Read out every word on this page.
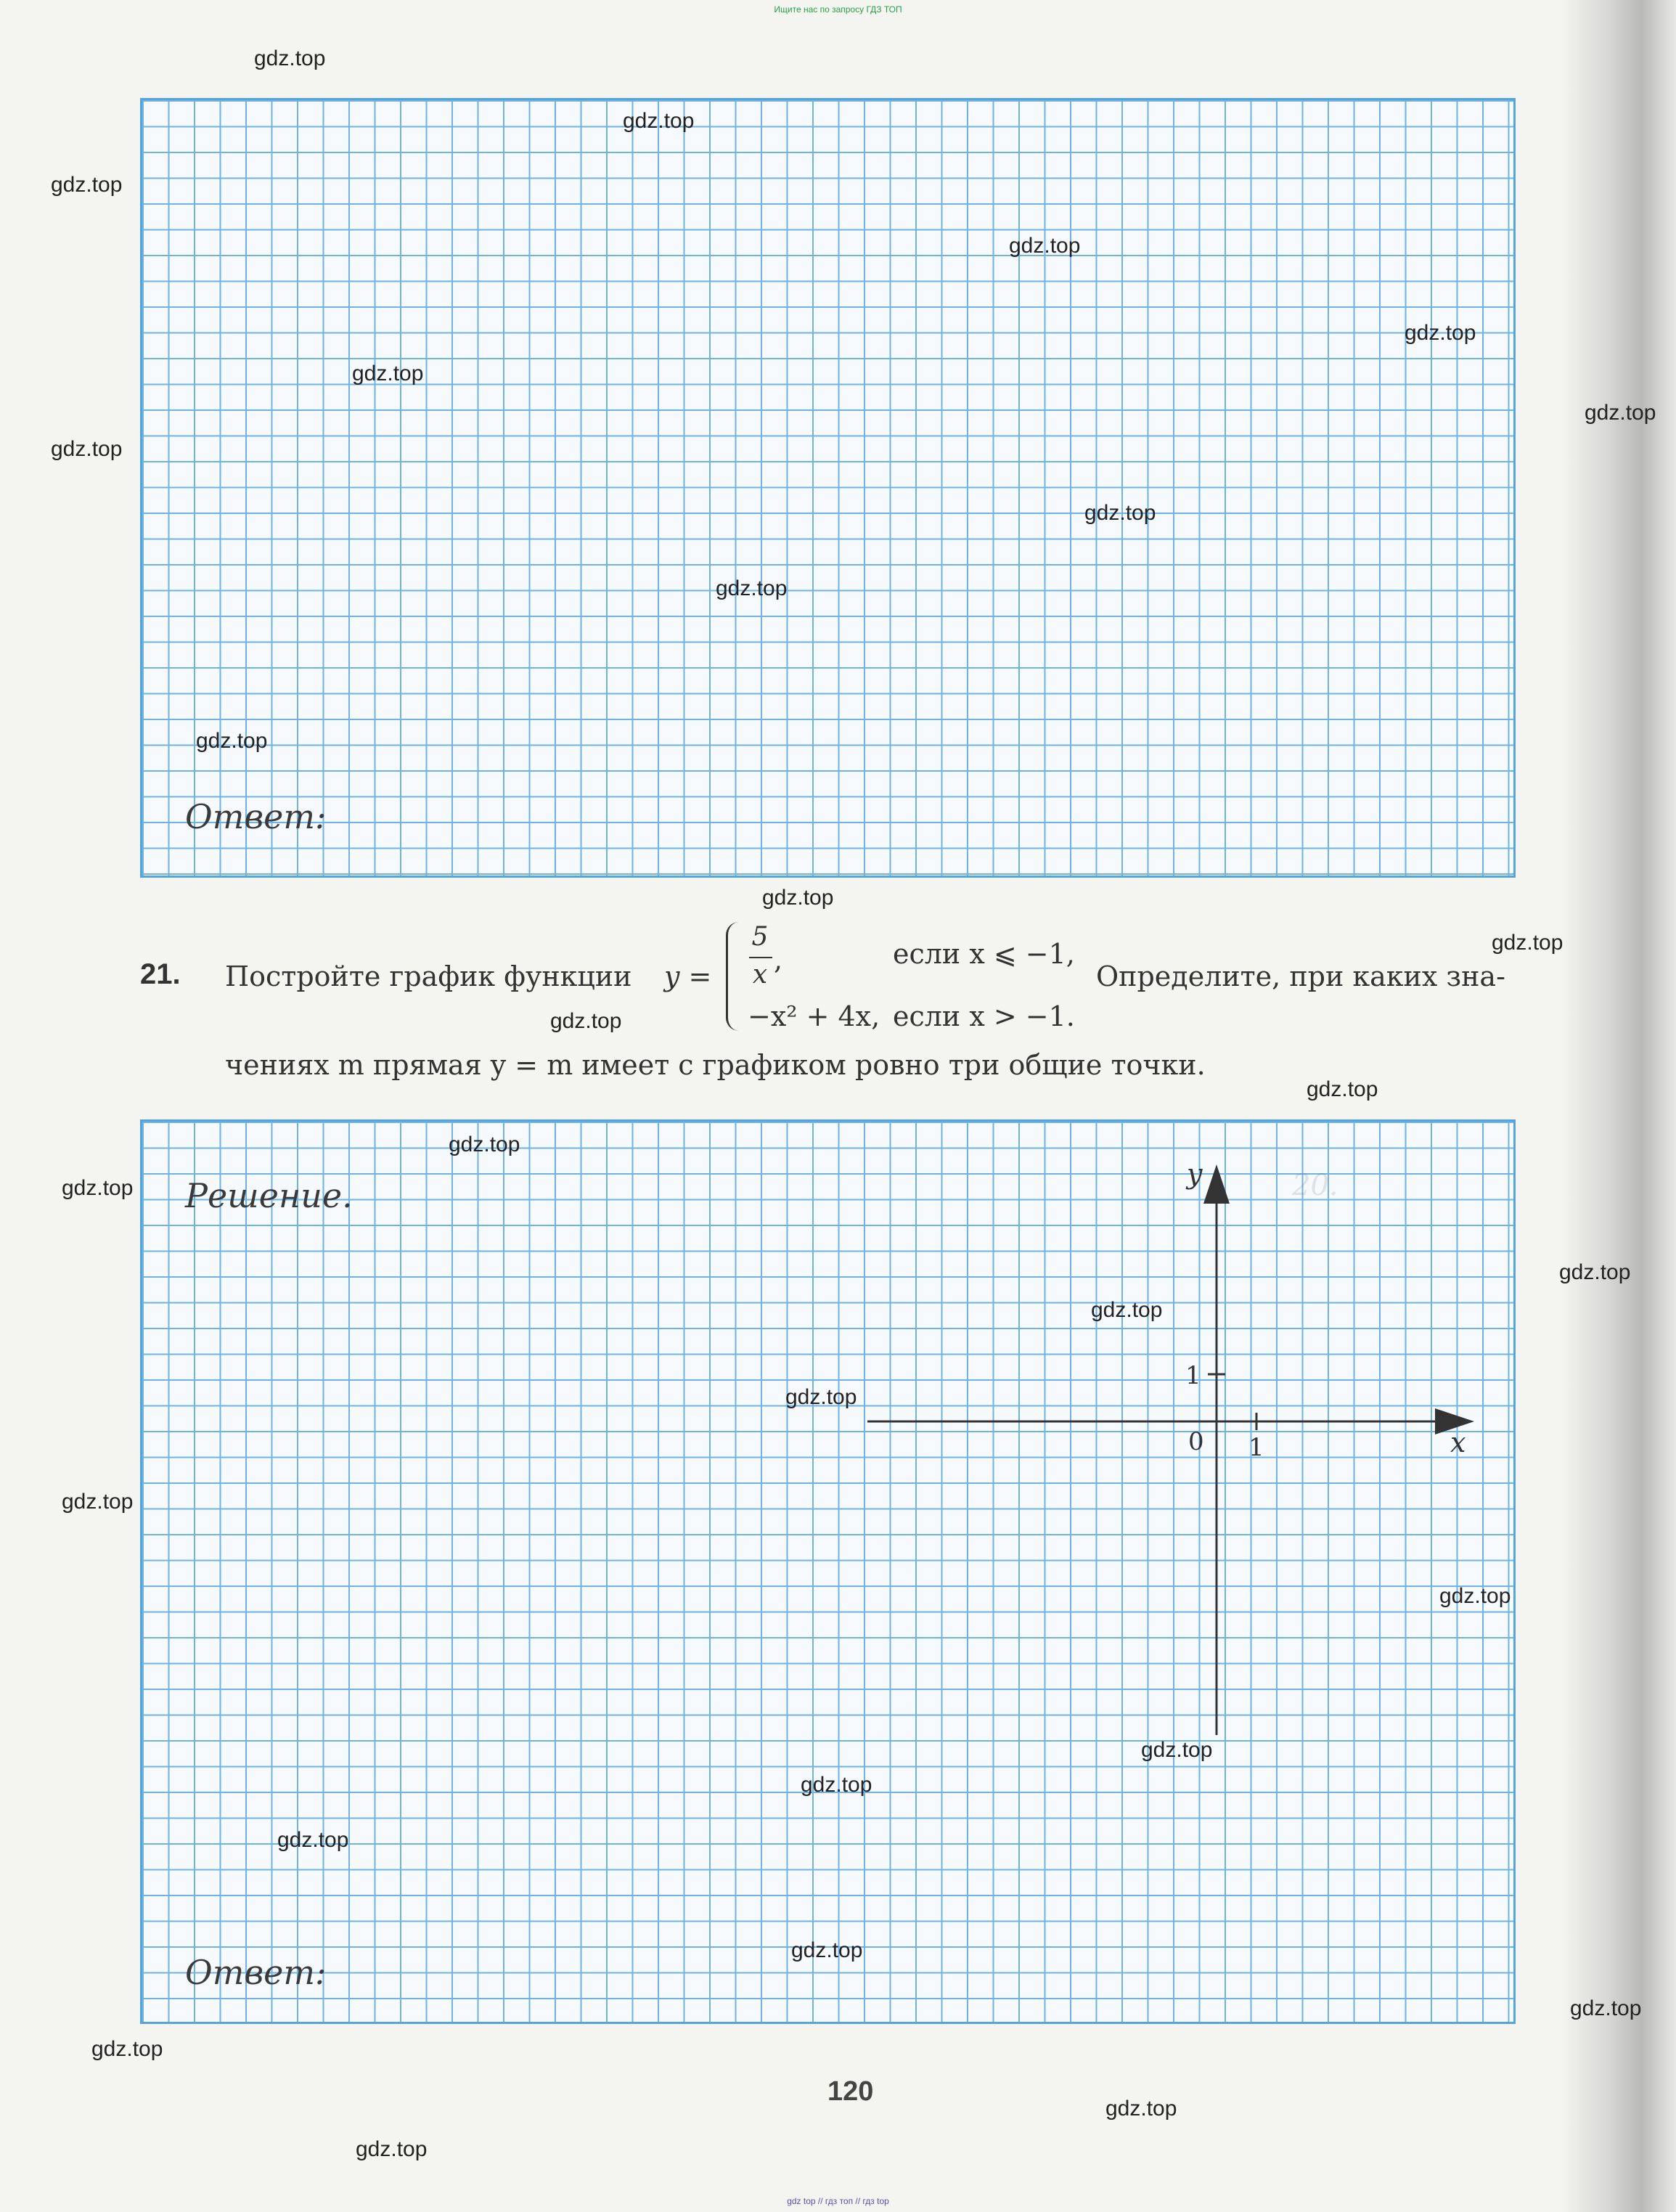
Ищите нас по запросу ГДЗ ТОП
Ответ:
21. Постройте график функции y =
5
x ,	если x ⩽ −1,
−x² + 4x, если x > −1.
Определите, при каких зна-
чениях m прямая y = m имеет с графиком ровно три общие точки.
Решение.
Ответ:
x
y
0 1
1
20.
gdz.top
gdz.top
gdz.top
gdz.top
gdz.top
gdz.top
gdz.top
gdz.top
gdz.top
gdz.top
gdz.top
gdz.top
gdz.top
gdz.top
gdz.top
gdz.top
gdz.top
gdz.top
gdz.top
gdz.top
gdz.top
gdz.top
gdz.top
gdz.top
gdz.top
gdz.top
gdz.top
gdz.top
gdz.top
gdz.top
120
gdz top // гдз топ // гдз top
